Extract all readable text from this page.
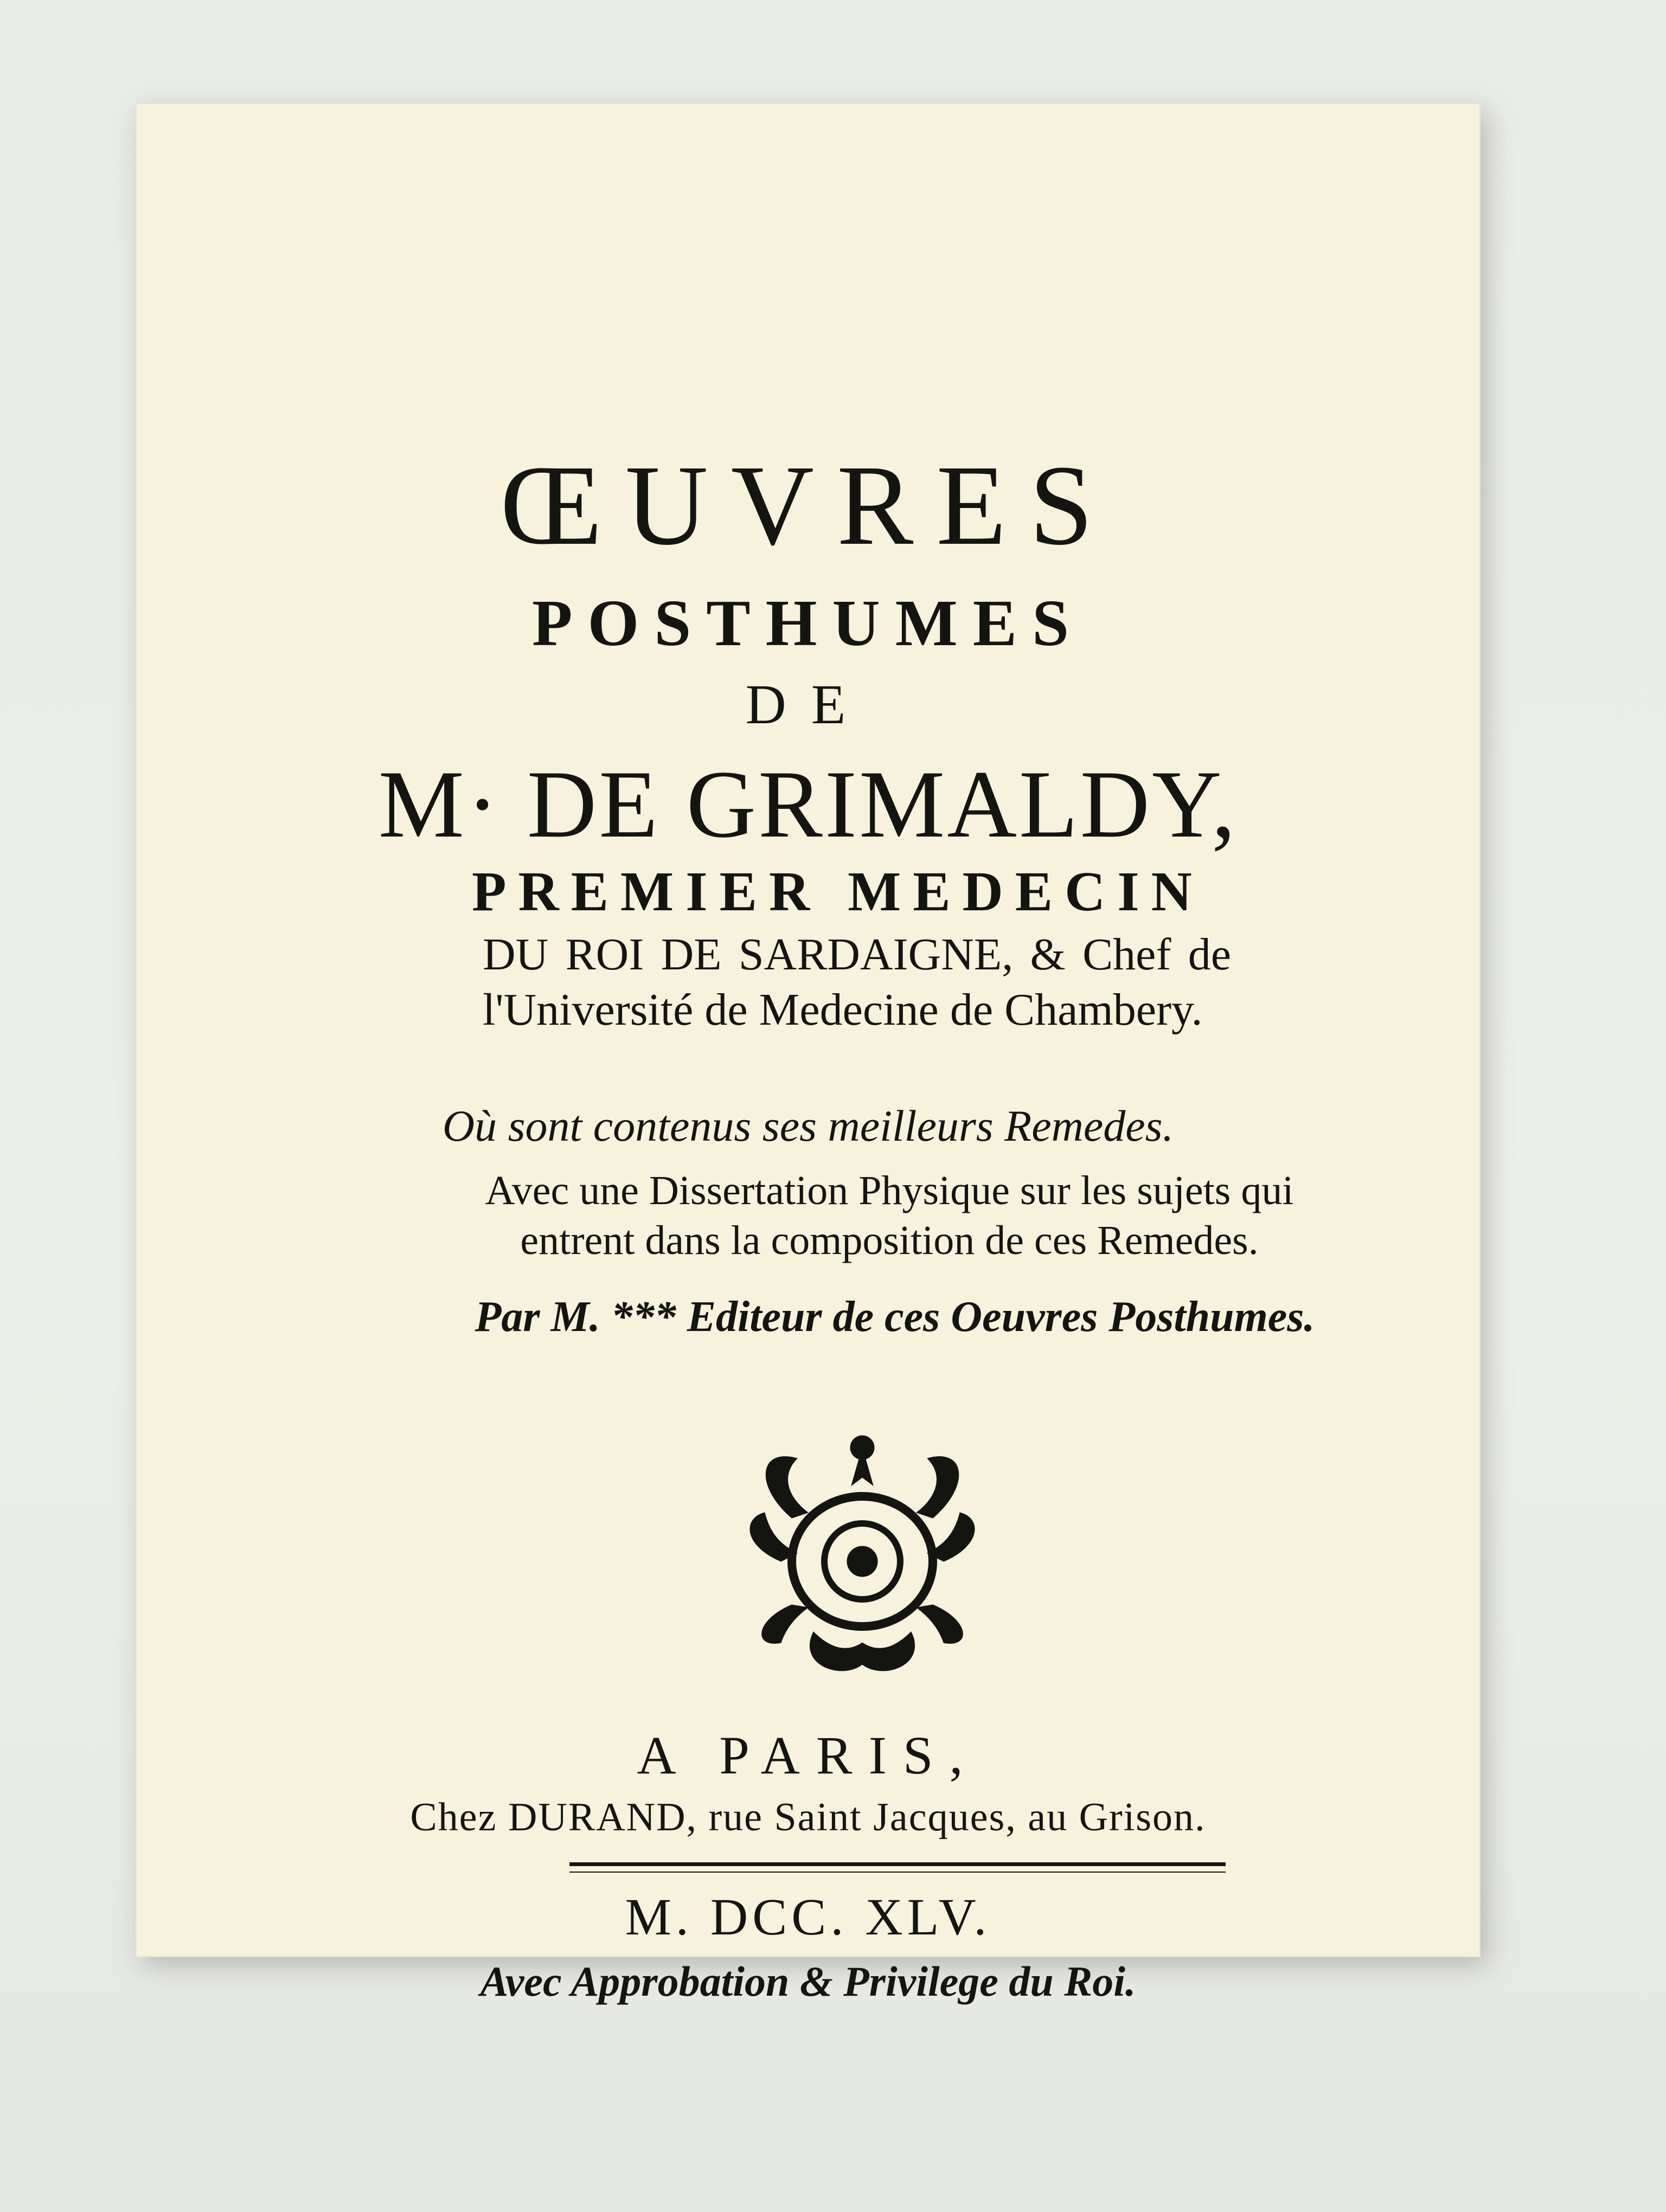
ŒUVRES
POSTHUMES
DE
M· DE GRIMALDY,
PREMIER MEDECIN
DU ROI DE SARDAIGNE, & Chef de l'Université de Medecine de Chambery.
Où sont contenus ses meilleurs Remedes.
Avec une Dissertation Physique sur les sujets qui entrent dans la composition de ces Remedes.
Par M. *** Editeur de ces Oeuvres Posthumes.
A PARIS,
Chez DURAND, rue Saint Jacques, au Grison.
M. DCC. XLV.
Avec Approbation & Privilege du Roi.
